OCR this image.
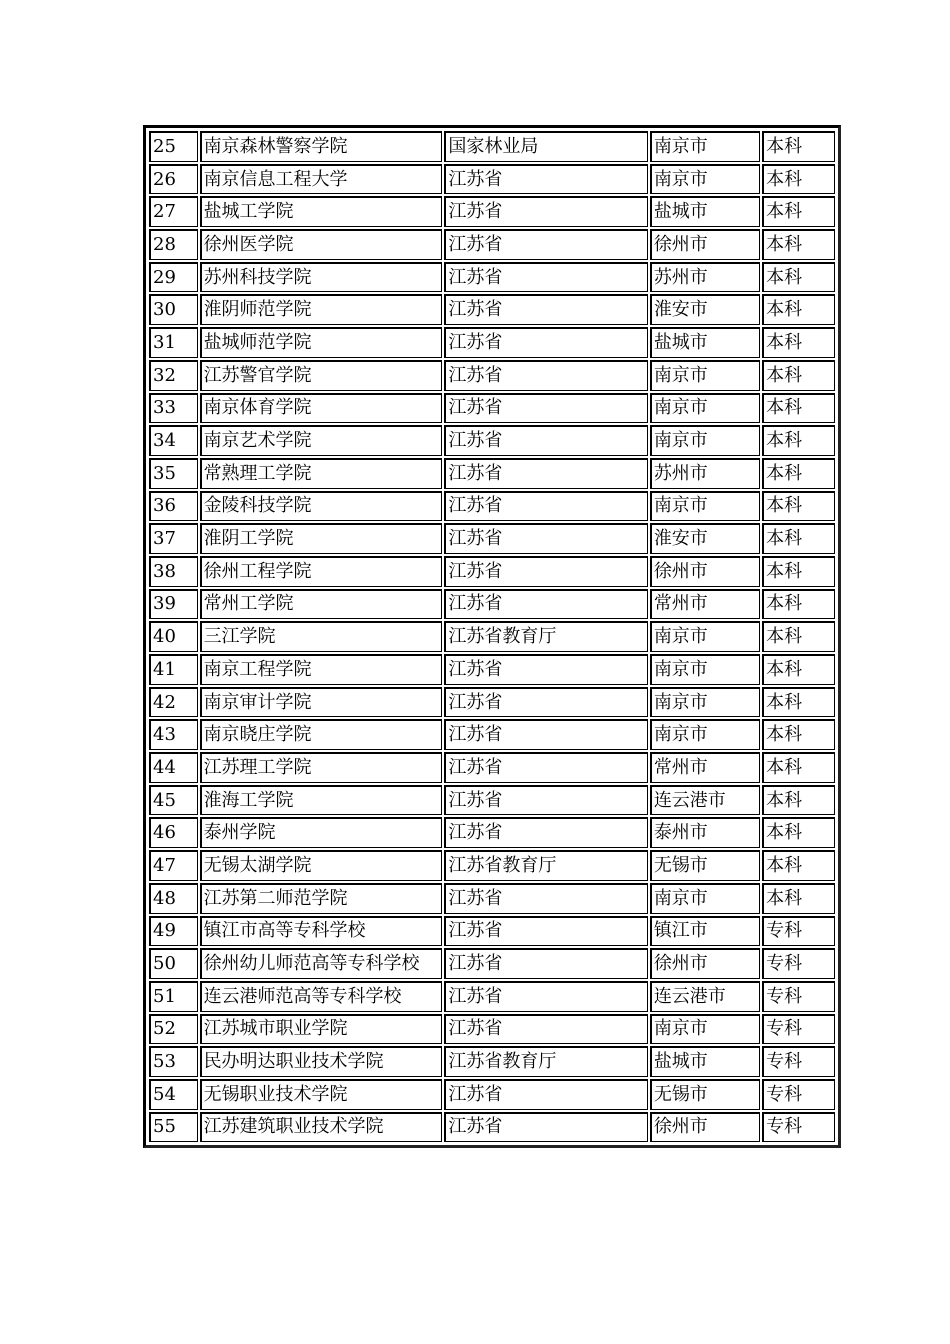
25	南京森林警察学院	国家林业局	南京市	本科
26	南京信息工程大学	江苏省	南京市	本科
27	盐城工学院	江苏省	盐城市	本科
28	徐州医学院	江苏省	徐州市	本科
29	苏州科技学院	江苏省	苏州市	本科
30	淮阴师范学院	江苏省	淮安市	本科
31	盐城师范学院	江苏省	盐城市	本科
32	江苏警官学院	江苏省	南京市	本科
33	南京体育学院	江苏省	南京市	本科
34	南京艺术学院	江苏省	南京市	本科
35	常熟理工学院	江苏省	苏州市	本科
36	金陵科技学院	江苏省	南京市	本科
37	淮阴工学院	江苏省	淮安市	本科
38	徐州工程学院	江苏省	徐州市	本科
39	常州工学院	江苏省	常州市	本科
40	三江学院	江苏省教育厅	南京市	本科
41	南京工程学院	江苏省	南京市	本科
42	南京审计学院	江苏省	南京市	本科
43	南京晓庄学院	江苏省	南京市	本科
44	江苏理工学院	江苏省	常州市	本科
45	淮海工学院	江苏省	连云港市	本科
46	泰州学院	江苏省	泰州市	本科
47	无锡太湖学院	江苏省教育厅	无锡市	本科
48	江苏第二师范学院	江苏省	南京市	本科
49	镇江市高等专科学校	江苏省	镇江市	专科
50	徐州幼儿师范高等专科学校	江苏省	徐州市	专科
51	连云港师范高等专科学校	江苏省	连云港市	专科
52	江苏城市职业学院	江苏省	南京市	专科
53	民办明达职业技术学院	江苏省教育厅	盐城市	专科
54	无锡职业技术学院	江苏省	无锡市	专科
55	江苏建筑职业技术学院	江苏省	徐州市	专科
